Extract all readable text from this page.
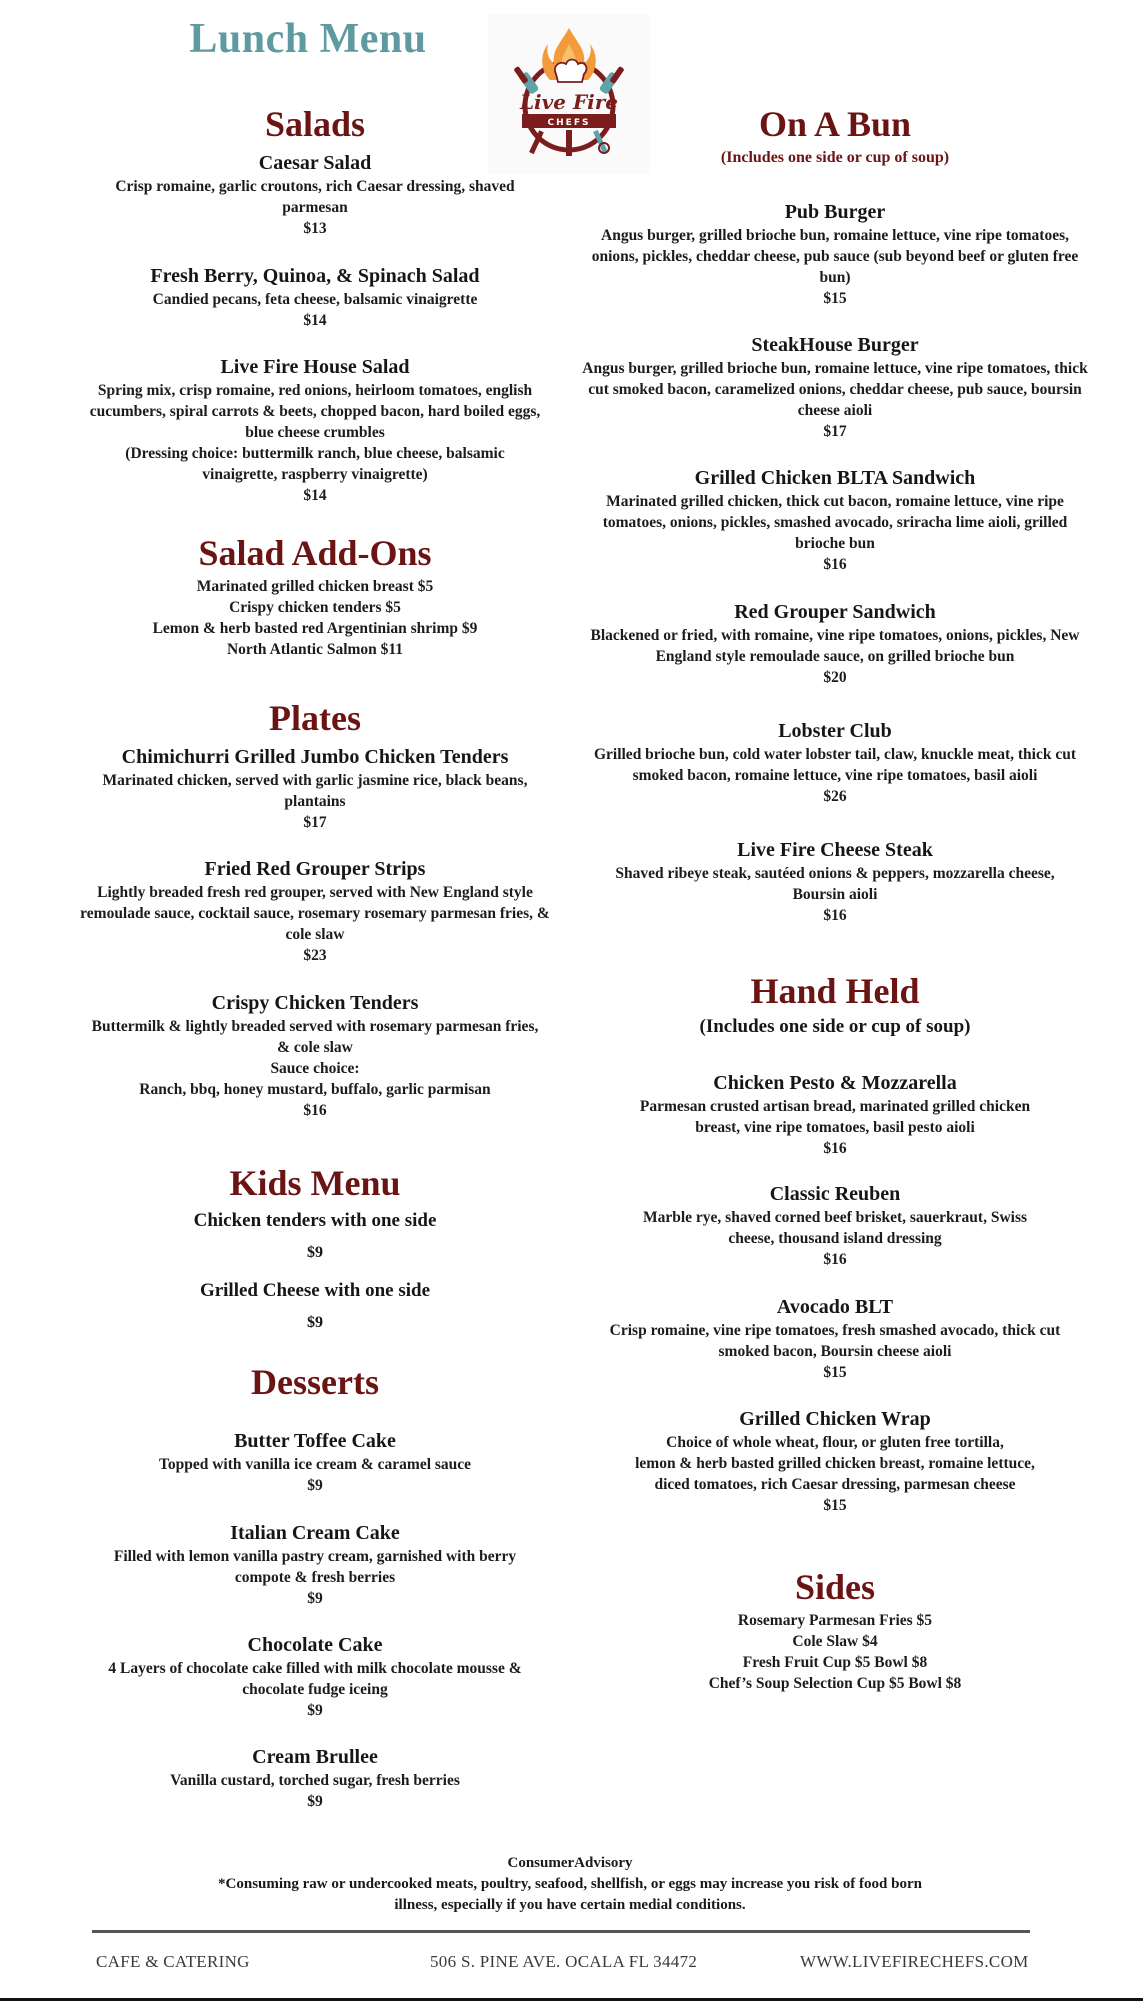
Lunch Menu
Live Fire
CHEFS
Salads
Caesar Salad
Crisp romaine, garlic croutons, rich Caesar dressing, shaved parmesan
$13
Fresh Berry, Quinoa, & Spinach Salad
Candied pecans, feta cheese, balsamic vinaigrette
$14
Live Fire House Salad
Spring mix, crisp romaine, red onions, heirloom tomatoes, english cucumbers, spiral carrots & beets, chopped bacon, hard boiled eggs, blue cheese crumbles
(Dressing choice: buttermilk ranch, blue cheese, balsamic vinaigrette, raspberry vinaigrette)
$14
Salad Add-Ons
Marinated grilled chicken breast $5
Crispy chicken tenders $5
Lemon & herb basted red Argentinian shrimp $9
North Atlantic Salmon $11
Plates
Chimichurri Grilled Jumbo Chicken Tenders
Marinated chicken, served with garlic jasmine rice, black beans, plantains
$17
Fried Red Grouper Strips
Lightly breaded fresh red grouper, served with New England style remoulade sauce, cocktail sauce, rosemary rosemary parmesan fries, & cole slaw
$23
Crispy Chicken Tenders
Buttermilk & lightly breaded served with rosemary parmesan fries, & cole slaw
Sauce choice:
Ranch, bbq, honey mustard, buffalo, garlic parmisan
$16
Kids Menu
Chicken tenders with one side
$9
Grilled Cheese with one side
$9
Desserts
Butter Toffee Cake
Topped with vanilla ice cream & caramel sauce
$9
Italian Cream Cake
Filled with lemon vanilla pastry cream, garnished with berry compote & fresh berries
$9
Chocolate Cake
4 Layers of chocolate cake filled with milk chocolate mousse & chocolate fudge iceing
$9
Cream Brullee
Vanilla custard, torched sugar, fresh berries
$9
On A Bun
(Includes one side or cup of soup)
Pub Burger
Angus burger, grilled brioche bun, romaine lettuce, vine ripe tomatoes, onions, pickles, cheddar cheese, pub sauce (sub beyond beef or gluten free bun)
$15
SteakHouse Burger
Angus burger, grilled brioche bun, romaine lettuce, vine ripe tomatoes, thick cut smoked bacon, caramelized onions, cheddar cheese, pub sauce, boursin cheese aioli
$17
Grilled Chicken BLTA Sandwich
Marinated grilled chicken, thick cut bacon, romaine lettuce, vine ripe tomatoes, onions, pickles, smashed avocado, sriracha lime aioli, grilled brioche bun
$16
Red Grouper Sandwich
Blackened or fried, with romaine, vine ripe tomatoes, onions, pickles, New England style remoulade sauce, on grilled brioche bun
$20
Lobster Club
Grilled brioche bun, cold water lobster tail, claw, knuckle meat, thick cut smoked bacon, romaine lettuce, vine ripe tomatoes, basil aioli
$26
Live Fire Cheese Steak
Shaved ribeye steak, sautéed onions & peppers, mozzarella cheese, Boursin aioli
$16
Hand Held
(Includes one side or cup of soup)
Chicken Pesto & Mozzarella
Parmesan crusted artisan bread, marinated grilled chicken breast, vine ripe tomatoes, basil pesto aioli
$16
Classic Reuben
Marble rye, shaved corned beef brisket, sauerkraut, Swiss cheese, thousand island dressing
$16
Avocado BLT
Crisp romaine, vine ripe tomatoes, fresh smashed avocado, thick cut smoked bacon, Boursin cheese aioli
$15
Grilled Chicken Wrap
Choice of whole wheat, flour, or gluten free tortilla,
lemon & herb basted grilled chicken breast, romaine lettuce,
diced tomatoes, rich Caesar dressing, parmesan cheese
$15
Sides
Rosemary Parmesan Fries $5
Cole Slaw $4
Fresh Fruit Cup $5 Bowl $8
Chef’s Soup Selection Cup $5 Bowl $8
ConsumerAdvisory
*Consuming raw or undercooked meats, poultry, seafood, shellfish, or eggs may increase you risk of food born
illness, especially if you have certain medial conditions.
CAFE & CATERING	506 S. PINE AVE. OCALA FL 34472	WWW.LIVEFIRECHEFS.COM
